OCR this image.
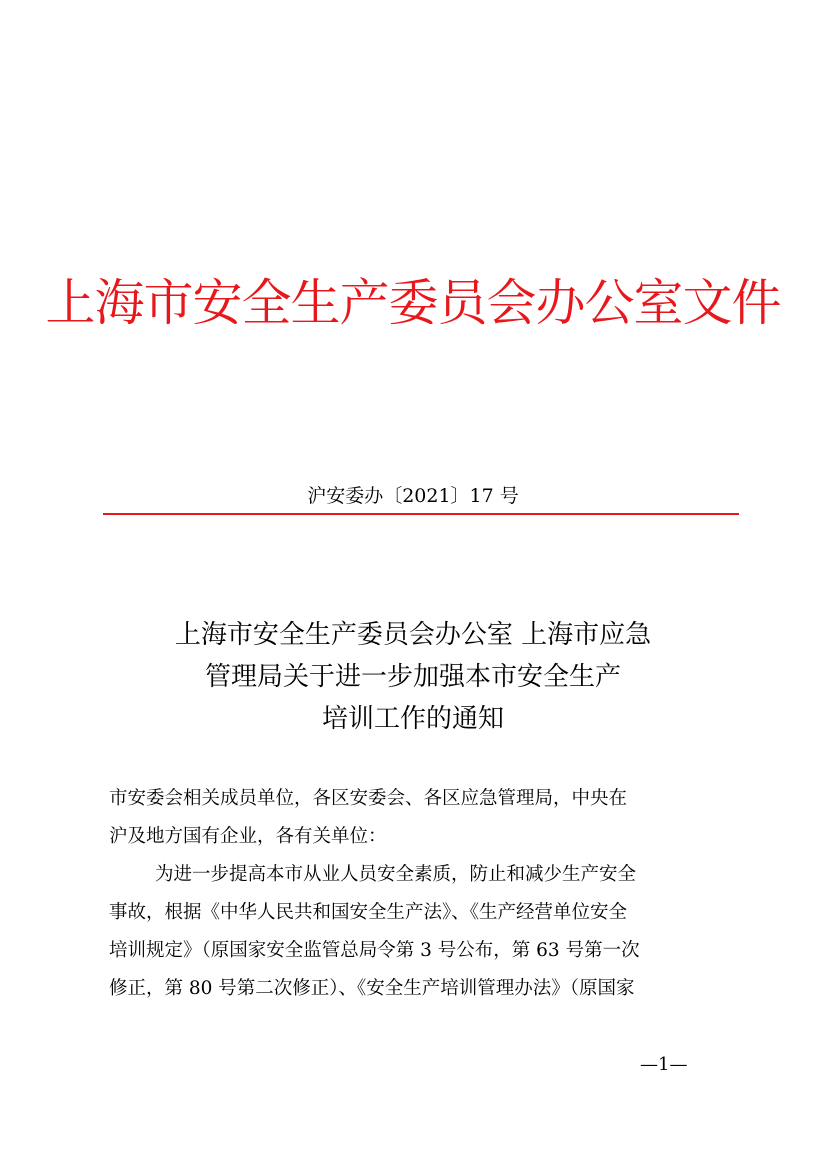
上海市安全生产委员会办公室文件
沪安委办〔2021〕17 号
上海市安全生产委员会办公室 上海市应急
管理局关于进一步加强本市安全生产
培训工作的通知
市安委会相关成员单位，各区安委会、各区应急管理局，中央在
沪及地方国有企业，各有关单位：
为进一步提高本市从业人员安全素质，防止和减少生产安全
事故，根据《中华人民共和国安全生产法》、《生产经营单位安全
培训规定》（原国家安全监管总局令第 3 号公布，第 63 号第一次
修正，第 80 号第二次修正）、《安全生产培训管理办法》（原国家
—1—
